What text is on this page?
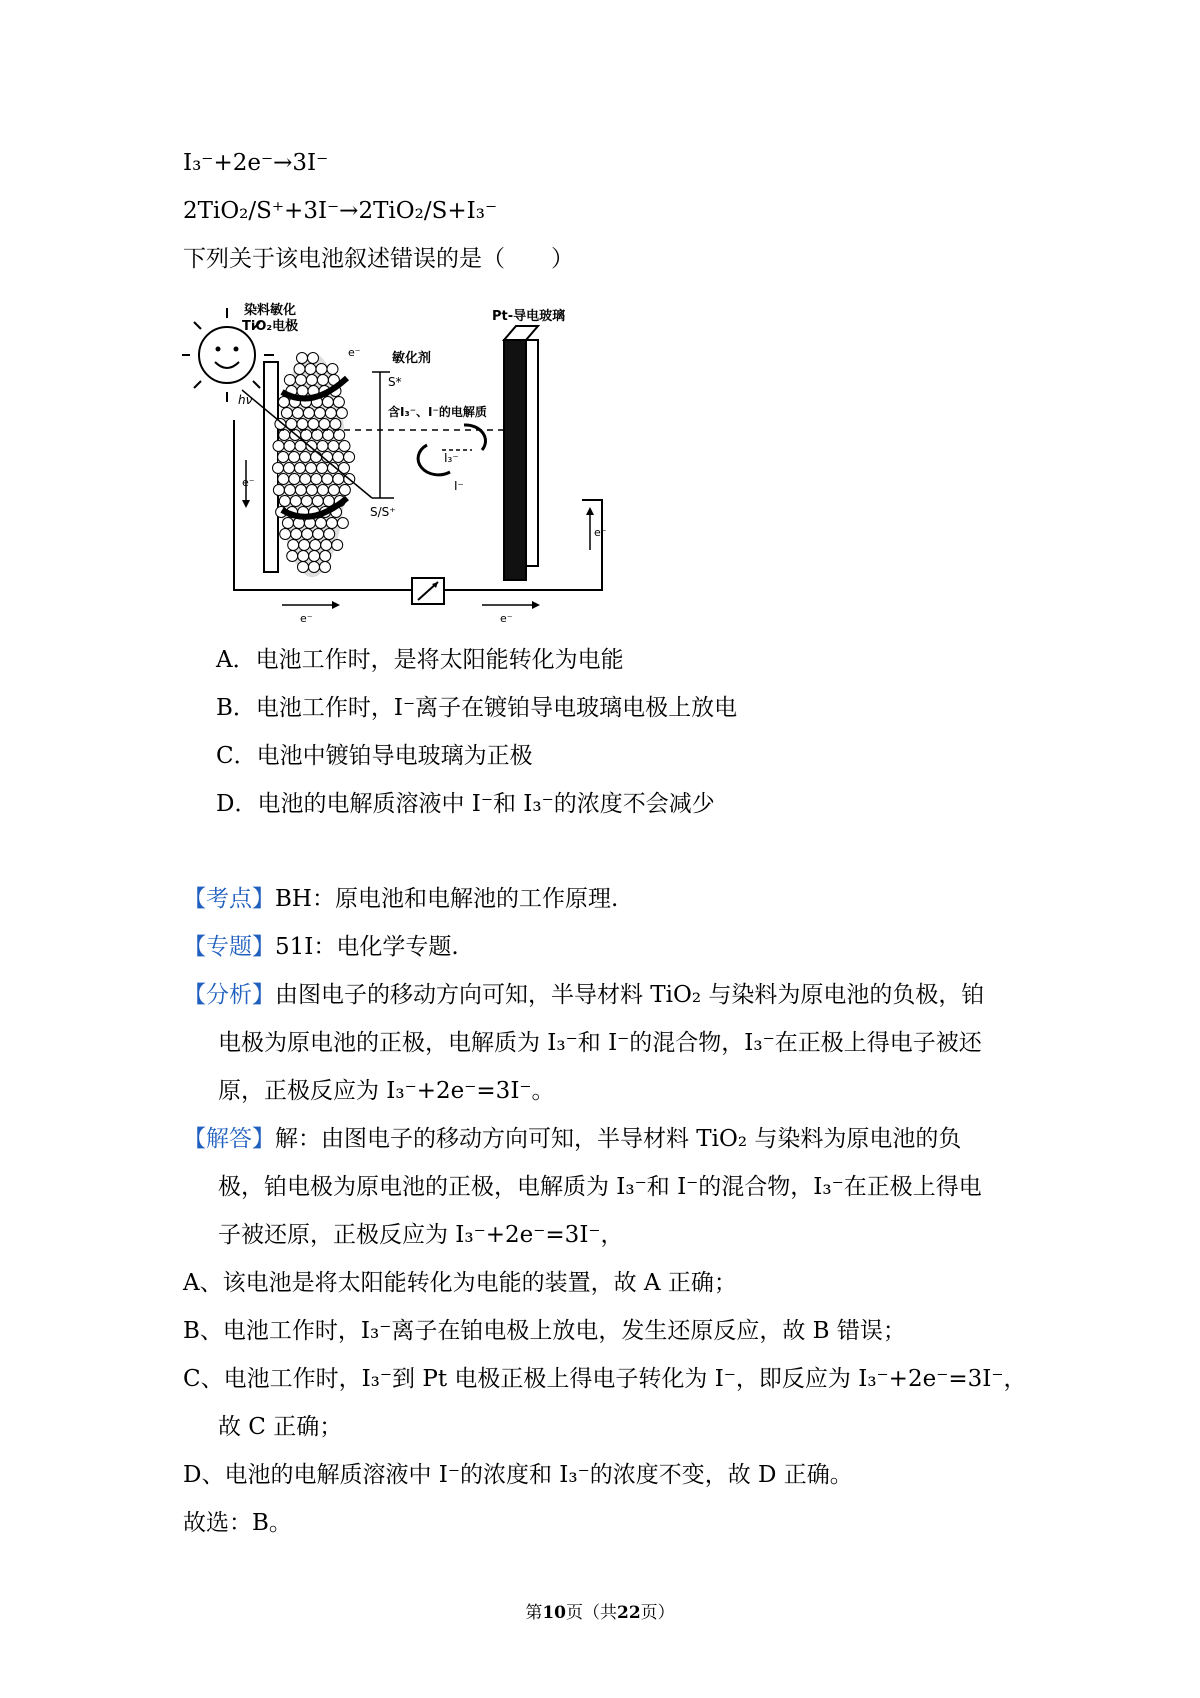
I₃⁻+2e⁻→3I⁻
2TiO₂/S⁺+3I⁻→2TiO₂/S+I₃⁻
下列关于该电池叙述错误的是（　　）
染料敏化
TiO₂电极
Pt-导电玻璃
敏化剂
S*
含I₃⁻、I⁻的电解质
I₃⁻
I⁻
S/S⁺
hν
e⁻
e⁻	e⁻
e⁻
e⁻
A．电池工作时，是将太阳能转化为电能
B．电池工作时，I⁻离子在镀铂导电玻璃电极上放电
C．电池中镀铂导电玻璃为正极
D．电池的电解质溶液中 I⁻和 I₃⁻的浓度不会减少
【考点】BH：原电池和电解池的工作原理.
【专题】51I：电化学专题.
【分析】由图电子的移动方向可知，半导材料 TiO₂ 与染料为原电池的负极，铂
电极为原电池的正极，电解质为 I₃⁻和 I⁻的混合物，I₃⁻在正极上得电子被还
原，正极反应为 I₃⁻+2e⁻=3I⁻。
【解答】解：由图电子的移动方向可知，半导材料 TiO₂ 与染料为原电池的负
极，铂电极为原电池的正极，电解质为 I₃⁻和 I⁻的混合物，I₃⁻在正极上得电
子被还原，正极反应为 I₃⁻+2e⁻=3I⁻，
A、该电池是将太阳能转化为电能的装置，故 A 正确；
B、电池工作时，I₃⁻离子在铂电极上放电，发生还原反应，故 B 错误；
C、电池工作时，I₃⁻到 Pt 电极正极上得电子转化为 I⁻，即反应为 I₃⁻+2e⁻=3I⁻，
故 C 正确；
D、电池的电解质溶液中 I⁻的浓度和 I₃⁻的浓度不变，故 D 正确。
故选：B。
第10页（共22页）
